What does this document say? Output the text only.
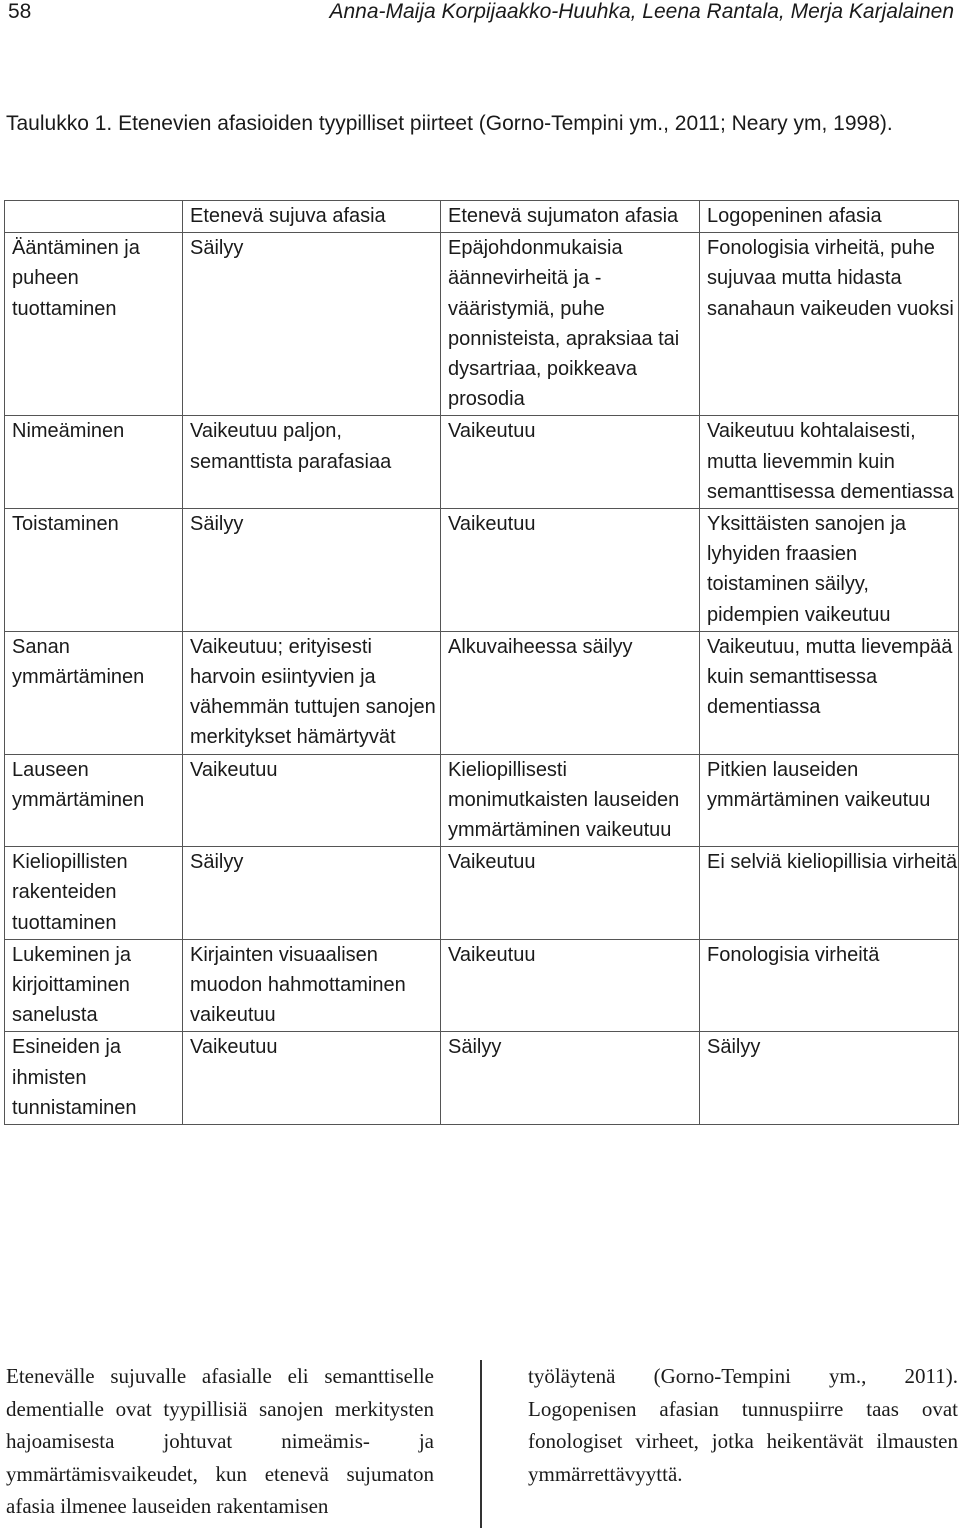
58	Anna-Maija Korpijaakko-Huuhka, Leena Rantala, Merja Karjalainen
Taulukko 1. Etenevien afasioiden tyypilliset piirteet (Gorno-Tempini ym., 2011; Neary ym, 1998).
	Etenevä sujuva afasia	Etenevä sujumaton afasia	Logopeninen afasia
Ääntäminen ja puheen tuottaminen	Säilyy	Epäjohdonmukaisia äännevirheitä ja -vääristymiä, puhe ponnisteista, apraksiaa tai dysartriaa, poikkeava prosodia	Fonologisia virheitä, puhe sujuvaa mutta hidasta sanahaun vaikeuden vuoksi
Nimeäminen	Vaikeutuu paljon, semanttista parafasiaa	Vaikeutuu	Vaikeutuu kohtalaisesti, mutta lievemmin kuin semanttisessa dementiassa
Toistaminen	Säilyy	Vaikeutuu	Yksittäisten sanojen ja lyhyiden fraasien toistaminen säilyy, pidempien vaikeutuu
Sanan ymmärtäminen	Vaikeutuu; erityisesti harvoin esiintyvien ja vähemmän tuttujen sanojen merkitykset hämärtyvät	Alkuvaiheessa säilyy	Vaikeutuu, mutta lievempää kuin semanttisessa dementiassa
Lauseen ymmärtäminen	Vaikeutuu	Kieliopillisesti monimutkaisten lauseiden ymmärtäminen vaikeutuu	Pitkien lauseiden ymmärtäminen vaikeutuu
Kieliopillisten rakenteiden tuottaminen	Säilyy	Vaikeutuu	Ei selviä kieliopillisia virheitä
Lukeminen ja kirjoittaminen sanelusta	Kirjainten visuaalisen muodon hahmottaminen vaikeutuu	Vaikeutuu	Fonologisia virheitä
Esineiden ja ihmisten tunnistaminen	Vaikeutuu	Säilyy	Säilyy
Etenevälle sujuvalle afasialle eli semanttiselle dementialle ovat tyypillisiä sanojen merkitysten hajoamisesta johtuvat nimeämis- ja ymmärtämisvaikeudet, kun etenevä sujumaton afasia ilmenee lauseiden rakentamisen
työläytenä (Gorno-Tempini ym., 2011). Logopenisen afasian tunnuspiirre taas ovat fonologiset virheet, jotka heikentävät ilmausten ymmärrettävyyttä.
